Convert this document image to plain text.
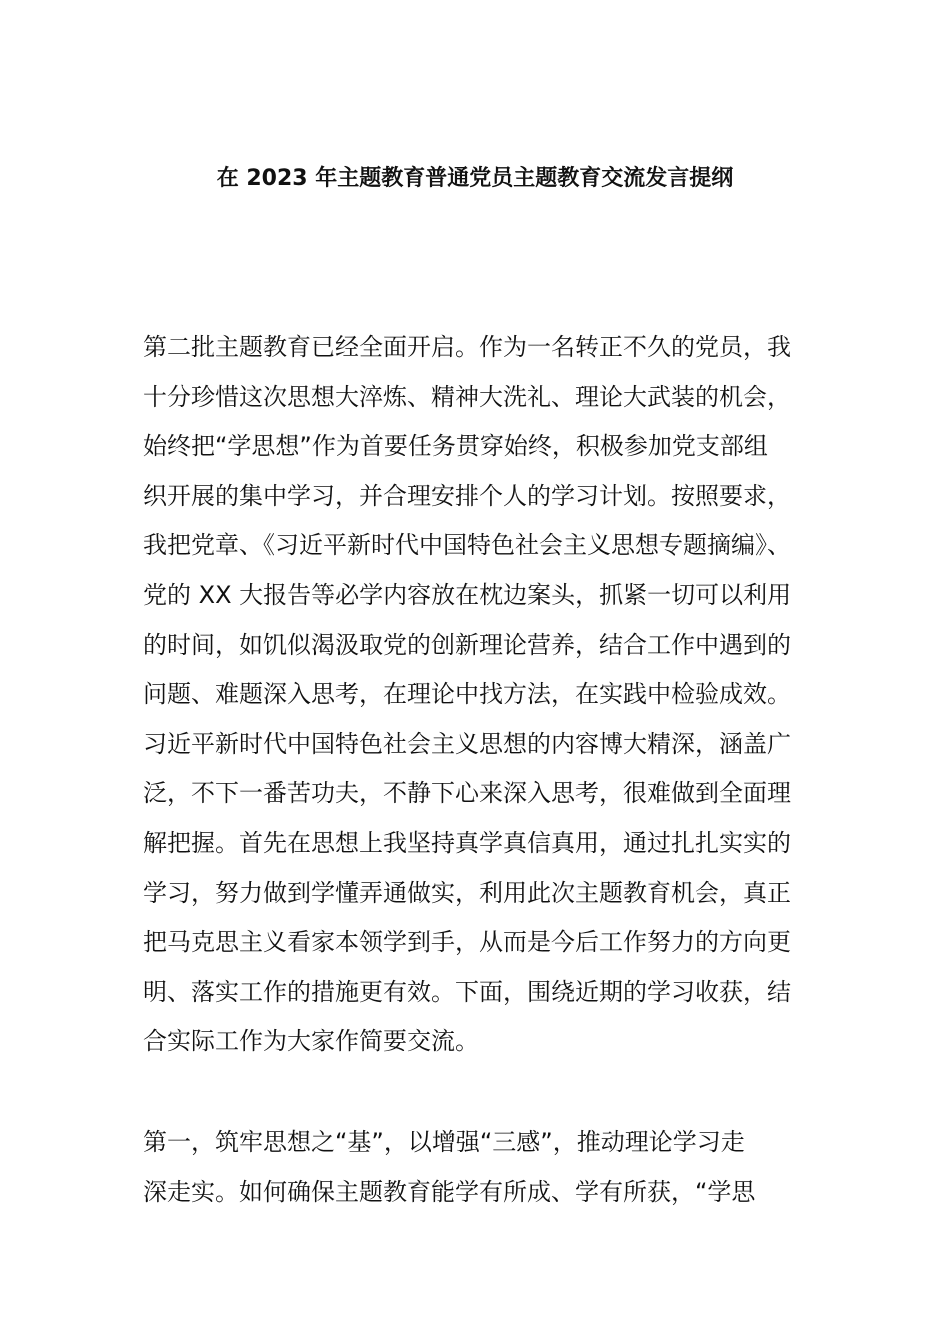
在 2023 年主题教育普通党员主题教育交流发言提纲
第二批主题教育已经全面开启。作为一名转正不久的党员，我
十分珍惜这次思想大淬炼、精神大洗礼、理论大武装的机会，
始终把“学思想”作为首要任务贯穿始终，积极参加党支部组
织开展的集中学习，并合理安排个人的学习计划。按照要求，
我把党章、《习近平新时代中国特色社会主义思想专题摘编》、
党的 XX 大报告等必学内容放在枕边案头，抓紧一切可以利用
的时间，如饥似渴汲取党的创新理论营养，结合工作中遇到的
问题、难题深入思考，在理论中找方法，在实践中检验成效。
习近平新时代中国特色社会主义思想的内容博大精深，涵盖广
泛，不下一番苦功夫，不静下心来深入思考，很难做到全面理
解把握。首先在思想上我坚持真学真信真用，通过扎扎实实的
学习，努力做到学懂弄通做实，利用此次主题教育机会，真正
把马克思主义看家本领学到手，从而是今后工作努力的方向更
明、落实工作的措施更有效。下面，围绕近期的学习收获，结
合实际工作为大家作简要交流。
第一，筑牢思想之“基”，以增强“三感”，推动理论学习走
深走实。如何确保主题教育能学有所成、学有所获，“学思
